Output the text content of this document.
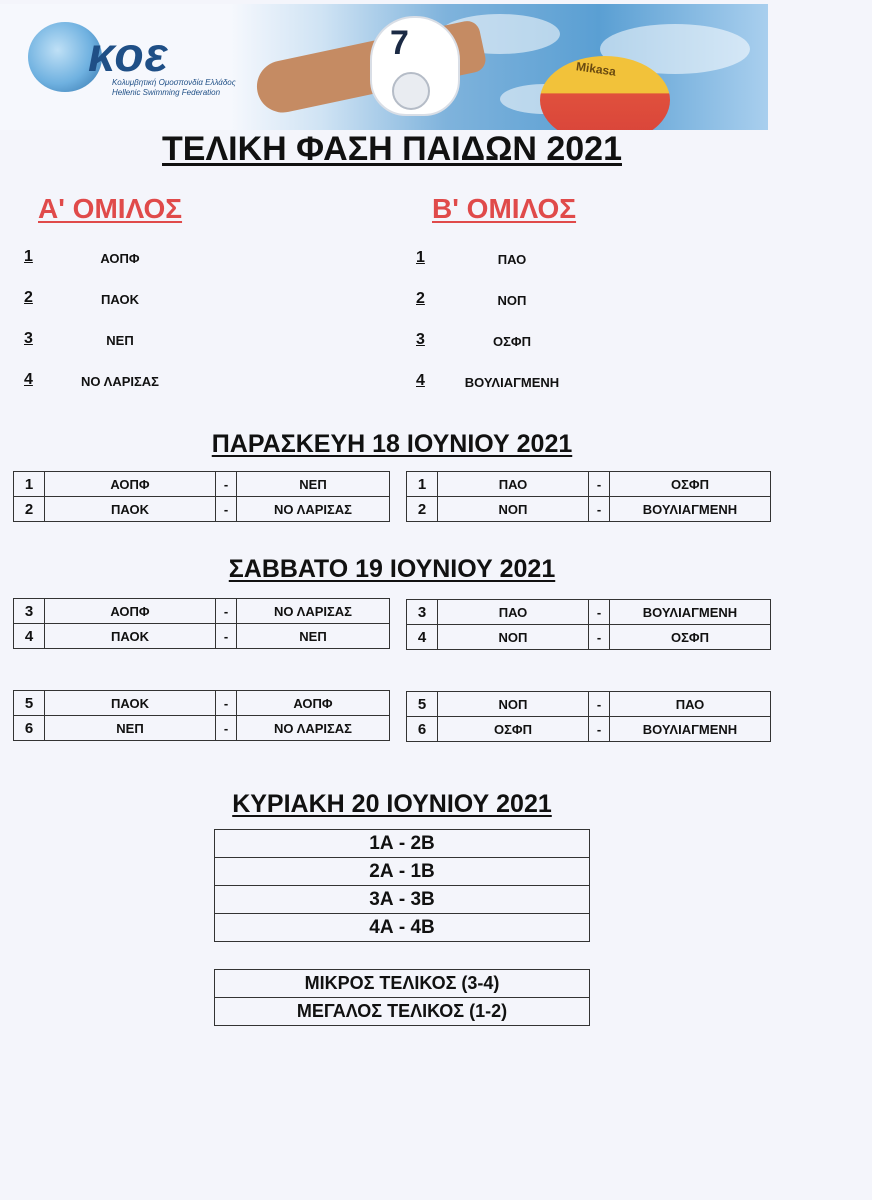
7
Mikasa
κοε
Κολυμβητική Ομοσπονδία Ελλάδος
Hellenic Swimming Federation
ΤΕΛΙΚΗ ΦΑΣΗ ΠΑΙΔΩΝ 2021
Α' ΟΜΙΛΟΣ
1	ΑΟΠΦ
2	ΠΑΟΚ
3	ΝΕΠ
4	ΝΟ ΛΑΡΙΣΑΣ
Β' ΟΜΙΛΟΣ
1	ΠΑΟ
2	ΝΟΠ
3	ΟΣΦΠ
4	ΒΟΥΛΙΑΓΜΕΝΗ
ΠΑΡΑΣΚΕΥΗ 18 ΙΟΥΝΙΟΥ 2021
1	ΑΟΠΦ	-	ΝΕΠ
2	ΠΑΟΚ	-	ΝΟ ΛΑΡΙΣΑΣ
1	ΠΑΟ	-	ΟΣΦΠ
2	ΝΟΠ	-	ΒΟΥΛΙΑΓΜΕΝΗ
ΣΑΒΒΑΤΟ 19 ΙΟΥΝΙΟΥ 2021
3	ΑΟΠΦ	-	ΝΟ ΛΑΡΙΣΑΣ
4	ΠΑΟΚ	-	ΝΕΠ
3	ΠΑΟ	-	ΒΟΥΛΙΑΓΜΕΝΗ
4	ΝΟΠ	-	ΟΣΦΠ
5	ΠΑΟΚ	-	ΑΟΠΦ
6	ΝΕΠ	-	ΝΟ ΛΑΡΙΣΑΣ
5	ΝΟΠ	-	ΠΑΟ
6	ΟΣΦΠ	-	ΒΟΥΛΙΑΓΜΕΝΗ
ΚΥΡΙΑΚΗ 20 ΙΟΥΝΙΟΥ 2021
1Α - 2Β
2Α - 1Β
3Α - 3Β
4Α - 4Β
ΜΙΚΡΟΣ ΤΕΛΙΚΟΣ (3-4)
ΜΕΓΑΛΟΣ ΤΕΛΙΚΟΣ (1-2)
